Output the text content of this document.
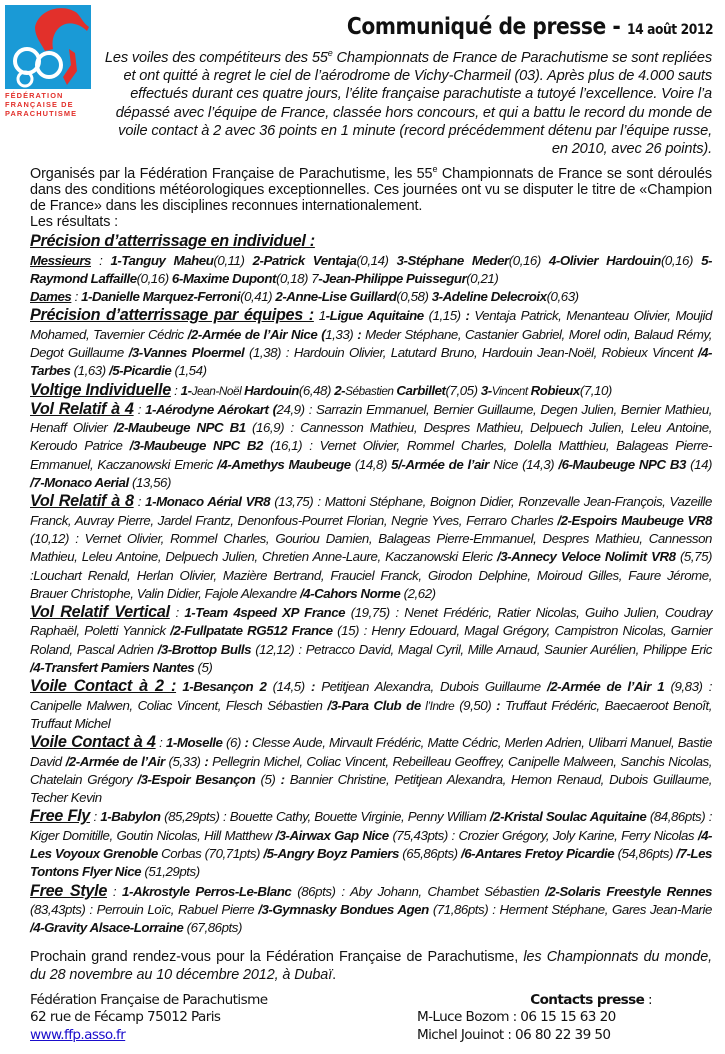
FÉDÉRATION
FRANÇAISE DE
PARACHUTISME
Communiqué de presse - 14 août 2012

Les voiles des compétiteurs des 55e Championnats de France de Parachutisme se sont repliées et ont quitté à regret le ciel de l’aérodrome de Vichy-Charmeil (03). Après plus de 4.000 sauts effectués durant ces quatre jours, l’élite française parachutiste a tutoyé l’excellence. Voire l’a dépassé avec l’équipe de France, classée hors concours, et qui a battu le record du monde de voile contact à 2 avec 36 points en 1 minute (record précédemment détenu par l’équipe russe, en 2010, avec 26 points).

Organisés par la Fédération Française de Parachutisme, les 55e Championnats de France se sont déroulés dans des conditions météorologiques exceptionnelles. Ces journées ont vu se disputer le titre de «Champion de France» dans les disciplines reconnues internationalement.
Les résultats :

Précision d’atterrissage en individuel :

Messieurs : 1-Tanguy Maheu(0,11) 2-Patrick Ventaja(0,14) 3-Stéphane Meder(0,16) 4-Olivier Hardouin(0,16) 5-Raymond Laffaille(0,16) 6-Maxime Dupont(0,18) 7-Jean-Philippe Puissegur(0,21)

Dames : 1-Danielle Marquez-Ferroni(0,41) 2-Anne-Lise Guillard(0,58) 3-Adeline Delecroix(0,63)

Précision d’atterrissage par équipes : 1-Ligue Aquitaine (1,15) : Ventaja Patrick, Menanteau Olivier, Moujid Mohamed, Tavernier Cédric /2-Armée de l’Air Nice (1,33) : Meder Stéphane, Castanier Gabriel, Morel odin, Balaud Rémy, Degot Guillaume /3-Vannes Ploermel (1,38) : Hardouin Olivier, Latutard Bruno, Hardouin Jean-Noël, Robieux Vincent /4-Tarbes (1,63) /5-Picardie (1,54)

Voltige Individuelle : 1-Jean-Noël Hardouin(6,48) 2-Sébastien Carbillet(7,05) 3-Vincent Robieux(7,10)

Vol Relatif à 4 : 1-Aérodyne Aérokart (24,9) : Sarrazin Emmanuel, Bernier Guillaume, Degen Julien, Bernier Mathieu, Henaff Olivier /2-Maubeuge NPC B1 (16,9) : Cannesson Mathieu, Despres Mathieu, Delpuech Julien, Leleu Antoine, Keroudo Patrice /3-Maubeuge NPC B2 (16,1) : Vernet Olivier, Rommel Charles, Dolella Matthieu, Balageas Pierre-Emmanuel, Kaczanowski Emeric /4-Amethys Maubeuge (14,8) 5/-Armée de l’air Nice (14,3) /6-Maubeuge NPC B3 (14) /7-Monaco Aerial (13,56)

Vol Relatif à 8 : 1-Monaco Aérial VR8 (13,75) : Mattoni Stéphane, Boignon Didier, Ronzevalle Jean-François, Vazeille Franck, Auvray Pierre, Jardel Frantz, Denonfous-Pourret Florian, Negrie Yves, Ferraro Charles /2-Espoirs Maubeuge VR8 (10,12) : Vernet Olivier, Rommel Charles, Gouriou Damien, Balageas Pierre-Emmanuel, Despres Mathieu, Cannesson Mathieu, Leleu Antoine, Delpuech Julien, Chretien Anne-Laure, Kaczanowski Eleric /3-Annecy Veloce Nolimit VR8 (5,75) :Louchart Renald, Herlan Olivier, Mazière Bertrand, Frauciel Franck, Girodon Delphine, Moiroud Gilles, Faure Jérome, Brauer Christophe, Valin Didier, Fajole Alexandre /4-Cahors Norme (2,62)

Vol Relatif Vertical : 1-Team 4speed XP France (19,75) : Nenet Frédéric, Ratier Nicolas, Guiho Julien, Coudray Raphaël, Poletti Yannick /2-Fullpatate RG512 France (15) : Henry Edouard, Magal Grégory, Campistron Nicolas, Garnier Roland, Pascal Adrien /3-Brottop Bulls (12,12) : Petracco David, Magal Cyril, Mille Arnaud, Saunier Aurélien, Philippe Eric /4-Transfert Pamiers Nantes (5)

Voile Contact à 2 : 1-Besançon 2 (14,5) : Petitjean Alexandra, Dubois Guillaume /2-Armée de l’Air 1 (9,83) : Canipelle Malwen, Coliac Vincent, Flesch Sébastien /3-Para Club de l’Indre (9,50) : Truffaut Frédéric, Baecaeroot Benoît, Truffaut Michel

Voile Contact à 4 : 1-Moselle (6) : Clesse Aude, Mirvault Frédéric, Matte Cédric, Merlen Adrien, Ulibarri Manuel, Bastie David /2-Armée de l’Air (5,33) : Pellegrin Michel, Coliac Vincent, Rebeilleau Geoffrey, Canipelle Malween, Sanchis Nicolas, Chatelain Grégory /3-Espoir Besançon (5) : Bannier Christine, Petitjean Alexandra, Hemon Renaud, Dubois Guillaume, Techer Kevin

Free Fly : 1-Babylon (85,29pts) : Bouette Cathy, Bouette Virginie, Penny William /2-Kristal Soulac Aquitaine (84,86pts) : Kiger Domitille, Goutin Nicolas, Hill Matthew /3-Airwax Gap Nice (75,43pts) : Crozier Grégory, Joly Karine, Ferry Nicolas /4-Les Voyoux Grenoble Corbas (70,71pts) /5-Angry Boyz Pamiers (65,86pts) /6-Antares Fretoy Picardie (54,86pts) /7-Les Tontons Flyer Nice (51,29pts)

Free Style : 1-Akrostyle Perros-Le-Blanc (86pts) : Aby Johann, Chambet Sébastien /2-Solaris Freestyle Rennes (83,43pts) : Perrouin Loïc, Rabuel Pierre /3-Gymnasky Bondues Agen (71,86pts) : Herment Stéphane, Gares Jean-Marie /4-Gravity Alsace-Lorraine (67,86pts)

Prochain grand rendez-vous pour la Fédération Française de Parachutisme, les Championnats du monde, du 28 novembre au 10 décembre 2012, à Dubaï.

Fédération Française de Parachutisme
62 rue de Fécamp 75012 Paris
www.ffp.asso.fr
Contacts presse :
M-Luce Bozom : 06 15 15 63 20
Michel Jouinot : 06 80 22 39 50
